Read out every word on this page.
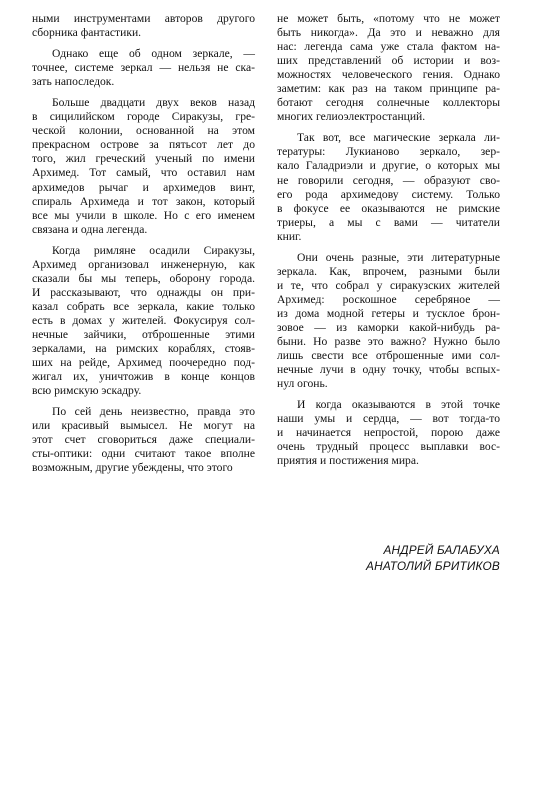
ными инструментами авторов другого
сборника фантастики.
Однако еще об одном зеркале, —
точнее, системе зеркал — нельзя не ска-
зать напоследок.
Больше двадцати двух веков назад
в сицилийском городе Сиракузы, гре-
ческой колонии, основанной на этом
прекрасном острове за пятьсот лет до
того, жил греческий ученый по имени
Архимед. Тот самый, что оставил нам
архимедов рычаг и архимедов винт,
спираль Архимеда и тот закон, который
все мы учили в школе. Но с его именем
связана и одна легенда.
Когда римляне осадили Сиракузы,
Архимед организовал инженерную, как
сказали бы мы теперь, оборону города.
И рассказывают, что однажды он при-
казал собрать все зеркала, какие только
есть в домах у жителей. Фокусируя сол-
нечные зайчики, отброшенные этими
зеркалами, на римских кораблях, стояв-
ших на рейде, Архимед поочередно под-
жигал их, уничтожив в конце концов
всю римскую эскадру.
По сей день неизвестно, правда это
или красивый вымысел. Не могут на
этот счет сговориться даже специали-
сты-оптики: одни считают такое вполне
возможным, другие убеждены, что этого
не может быть, «потому что не может
быть никогда». Да это и неважно для
нас: легенда сама уже стала фактом на-
ших представлений об истории и воз-
можностях человеческого гения. Однако
заметим: как раз на таком принципе ра-
ботают сегодня солнечные коллекторы
многих гелиоэлектростанций.
Так вот, все магические зеркала ли-
тературы: Лукианово зеркало, зер-
кало Галадриэли и другие, о которых мы
не говорили сегодня, — образуют сво-
его рода архимедову систему. Только
в фокусе ее оказываются не римские
триеры, а мы с вами — читатели
книг.
Они очень разные, эти литературные
зеркала. Как, впрочем, разными были
и те, что собрал у сиракузских жителей
Архимед: роскошное серебряное —
из дома модной гетеры и тусклое брон-
зовое — из каморки какой-нибудь ра-
быни. Но разве это важно? Нужно было
лишь свести все отброшенные ими сол-
нечные лучи в одну точку, чтобы вспых-
нул огонь.
И когда оказываются в этой точке
наши умы и сердца, — вот тогда-то
и начинается непростой, порою даже
очень трудный процесс выплавки вос-
приятия и постижения мира.
АНДРЕЙ БАЛАБУХА
АНАТОЛИЙ БРИТИКОВ
